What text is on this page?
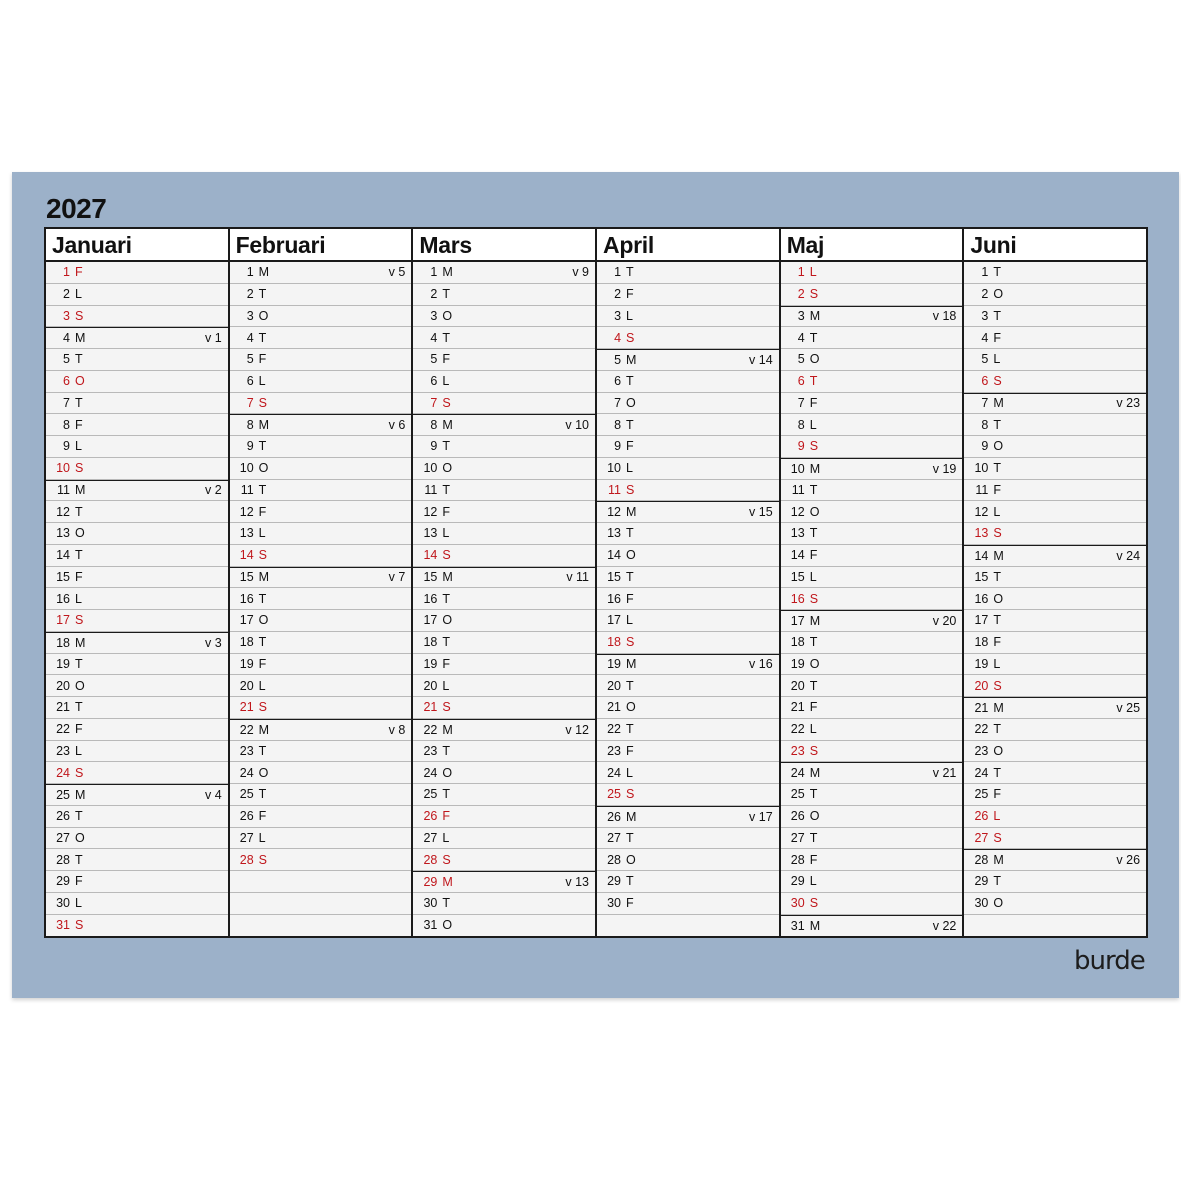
2027
Januari
1 F
2 L
3 S
4 M	v 1
5 T
6 O
7 T
8 F
9 L
10 S
11 M	v 2
12 T
13 O
14 T
15 F
16 L
17 S
18 M	v 3
19 T
20 O
21 T
22 F
23 L
24 S
25 M	v 4
26 T
27 O
28 T
29 F
30 L
31 S
Februari
1 M	v 5
2 T
3 O
4 T
5 F
6 L
7 S
8 M	v 6
9 T
10 O
11 T
12 F
13 L
14 S
15 M	v 7
16 T
17 O
18 T
19 F
20 L
21 S
22 M	v 8
23 T
24 O
25 T
26 F
27 L
28 S
Mars
1 M	v 9
2 T
3 O
4 T
5 F
6 L
7 S
8 M	v 10
9 T
10 O
11 T
12 F
13 L
14 S
15 M	v 11
16 T
17 O
18 T
19 F
20 L
21 S
22 M	v 12
23 T
24 O
25 T
26 F
27 L
28 S
29 M	v 13
30 T
31 O
April
1 T
2 F
3 L
4 S
5 M	v 14
6 T
7 O
8 T
9 F
10 L
11 S
12 M	v 15
13 T
14 O
15 T
16 F
17 L
18 S
19 M	v 16
20 T
21 O
22 T
23 F
24 L
25 S
26 M	v 17
27 T
28 O
29 T
30 F
Maj
1 L
2 S
3 M	v 18
4 T
5 O
6 T
7 F
8 L
9 S
10 M	v 19
11 T
12 O
13 T
14 F
15 L
16 S
17 M	v 20
18 T
19 O
20 T
21 F
22 L
23 S
24 M	v 21
25 T
26 O
27 T
28 F
29 L
30 S
31 M	v 22
Juni
1 T
2 O
3 T
4 F
5 L
6 S
7 M	v 23
8 T
9 O
10 T
11 F
12 L
13 S
14 M	v 24
15 T
16 O
17 T
18 F
19 L
20 S
21 M	v 25
22 T
23 O
24 T
25 F
26 L
27 S
28 M	v 26
29 T
30 O
burde
